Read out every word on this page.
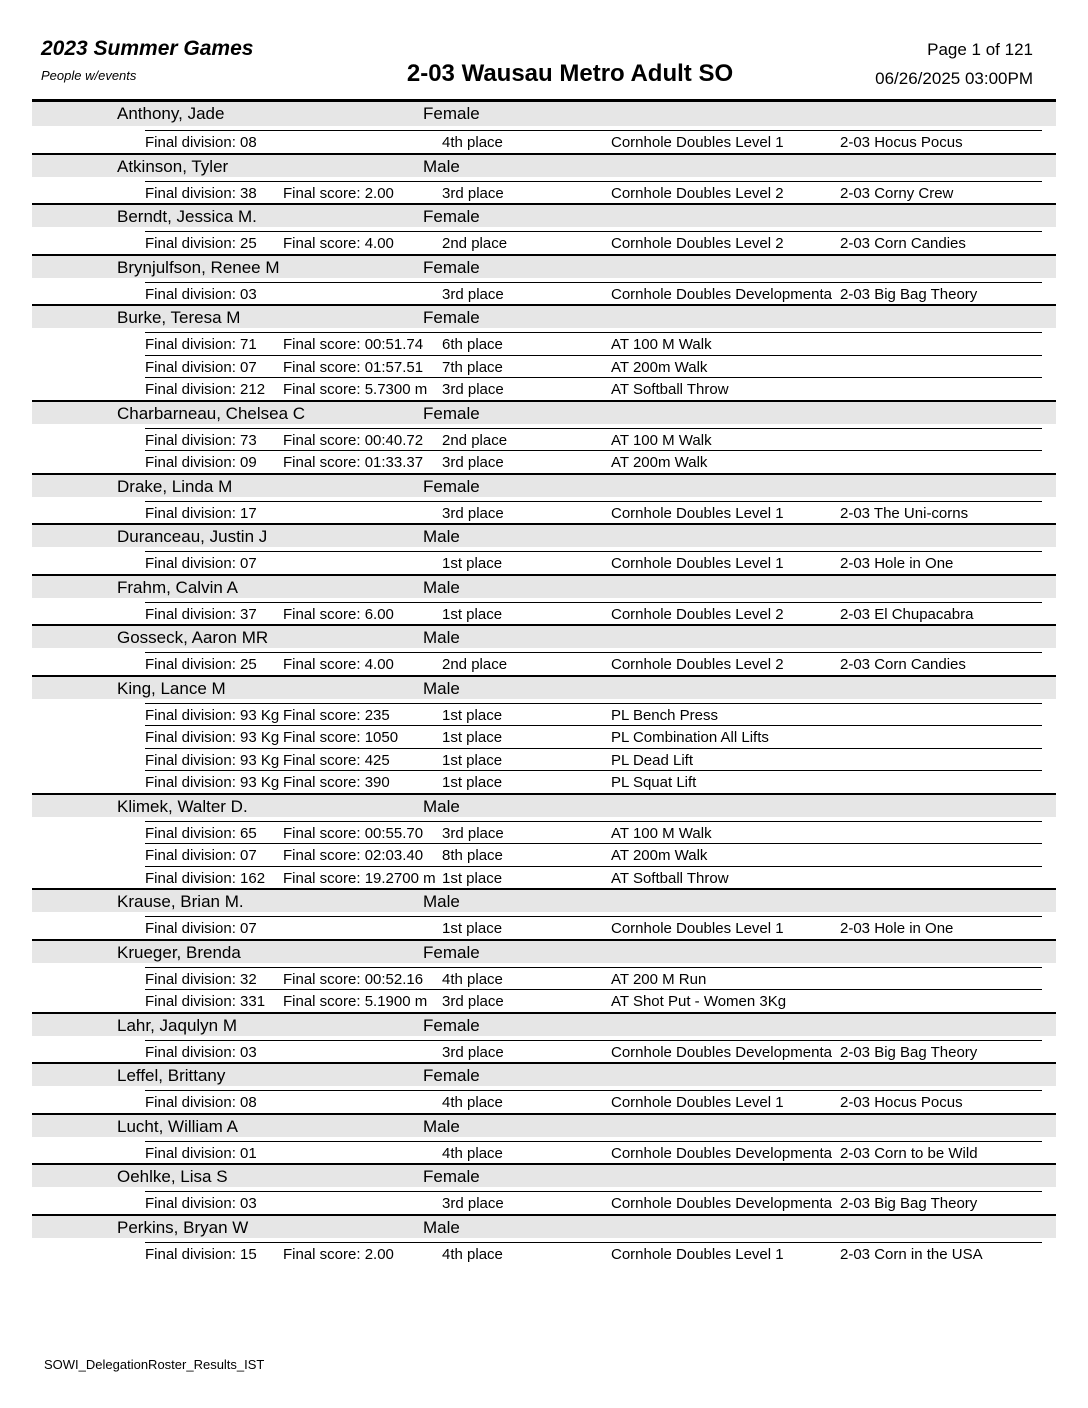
2023 Summer Games
People w/events	2-03 Wausau Metro Adult SO
Page 1 of 121
06/26/2025 03:00PM
Anthony, Jade	Female
Final division: 08	4th place	Cornhole Doubles Level 1	2-03 Hocus Pocus
Atkinson, Tyler	Male
Final division: 38 Final score: 2.00	3rd place	Cornhole Doubles Level 2	2-03 Corny Crew
Berndt, Jessica M.	Female
Final division: 25 Final score: 4.00	2nd place	Cornhole Doubles Level 2	2-03 Corn Candies
Brynjulfson, Renee M	Female
Final division: 03	3rd place	Cornhole Doubles Developmenta 2-03 Big Bag Theory
Burke, Teresa M	Female
Final division: 71 Final score: 00:51.74 6th place	AT 100 M Walk
Final division: 07 Final score: 01:57.51 7th place	AT 200m Walk
Final division: 212 Final score: 5.7300 m 3rd place	AT Softball Throw
Charbarneau, Chelsea C	Female
Final division: 73 Final score: 00:40.72 2nd place	AT 100 M Walk
Final division: 09 Final score: 01:33.37 3rd place	AT 200m Walk
Drake, Linda M	Female
Final division: 17	3rd place	Cornhole Doubles Level 1	2-03 The Uni-corns
Duranceau, Justin J	Male
Final division: 07	1st place	Cornhole Doubles Level 1	2-03 Hole in One
Frahm, Calvin A	Male
Final division: 37 Final score: 6.00	1st place	Cornhole Doubles Level 2	2-03 El Chupacabra
Gosseck, Aaron MR	Male
Final division: 25 Final score: 4.00	2nd place	Cornhole Doubles Level 2	2-03 Corn Candies
King, Lance M	Male
Final division: 93 Kg Final score: 235	1st place	PL Bench Press
Final division: 93 Kg Final score: 1050	1st place	PL Combination All Lifts
Final division: 93 Kg Final score: 425	1st place	PL Dead Lift
Final division: 93 Kg Final score: 390	1st place	PL Squat Lift
Klimek, Walter D.	Male
Final division: 65 Final score: 00:55.70 3rd place	AT 100 M Walk
Final division: 07 Final score: 02:03.40 8th place	AT 200m Walk
Final division: 162 Final score: 19.2700 m 1st place	AT Softball Throw
Krause, Brian M.	Male
Final division: 07	1st place	Cornhole Doubles Level 1	2-03 Hole in One
Krueger, Brenda	Female
Final division: 32 Final score: 00:52.16 4th place	AT 200 M Run
Final division: 331 Final score: 5.1900 m 3rd place	AT Shot Put - Women 3Kg
Lahr, Jaqulyn M	Female
Final division: 03	3rd place	Cornhole Doubles Developmenta 2-03 Big Bag Theory
Leffel, Brittany	Female
Final division: 08	4th place	Cornhole Doubles Level 1	2-03 Hocus Pocus
Lucht, William A	Male
Final division: 01	4th place	Cornhole Doubles Developmenta 2-03 Corn to be Wild
Oehlke, Lisa S	Female
Final division: 03	3rd place	Cornhole Doubles Developmenta 2-03 Big Bag Theory
Perkins, Bryan W	Male
Final division: 15 Final score: 2.00	4th place	Cornhole Doubles Level 1	2-03 Corn in the USA
SOWI_DelegationRoster_Results_IST
